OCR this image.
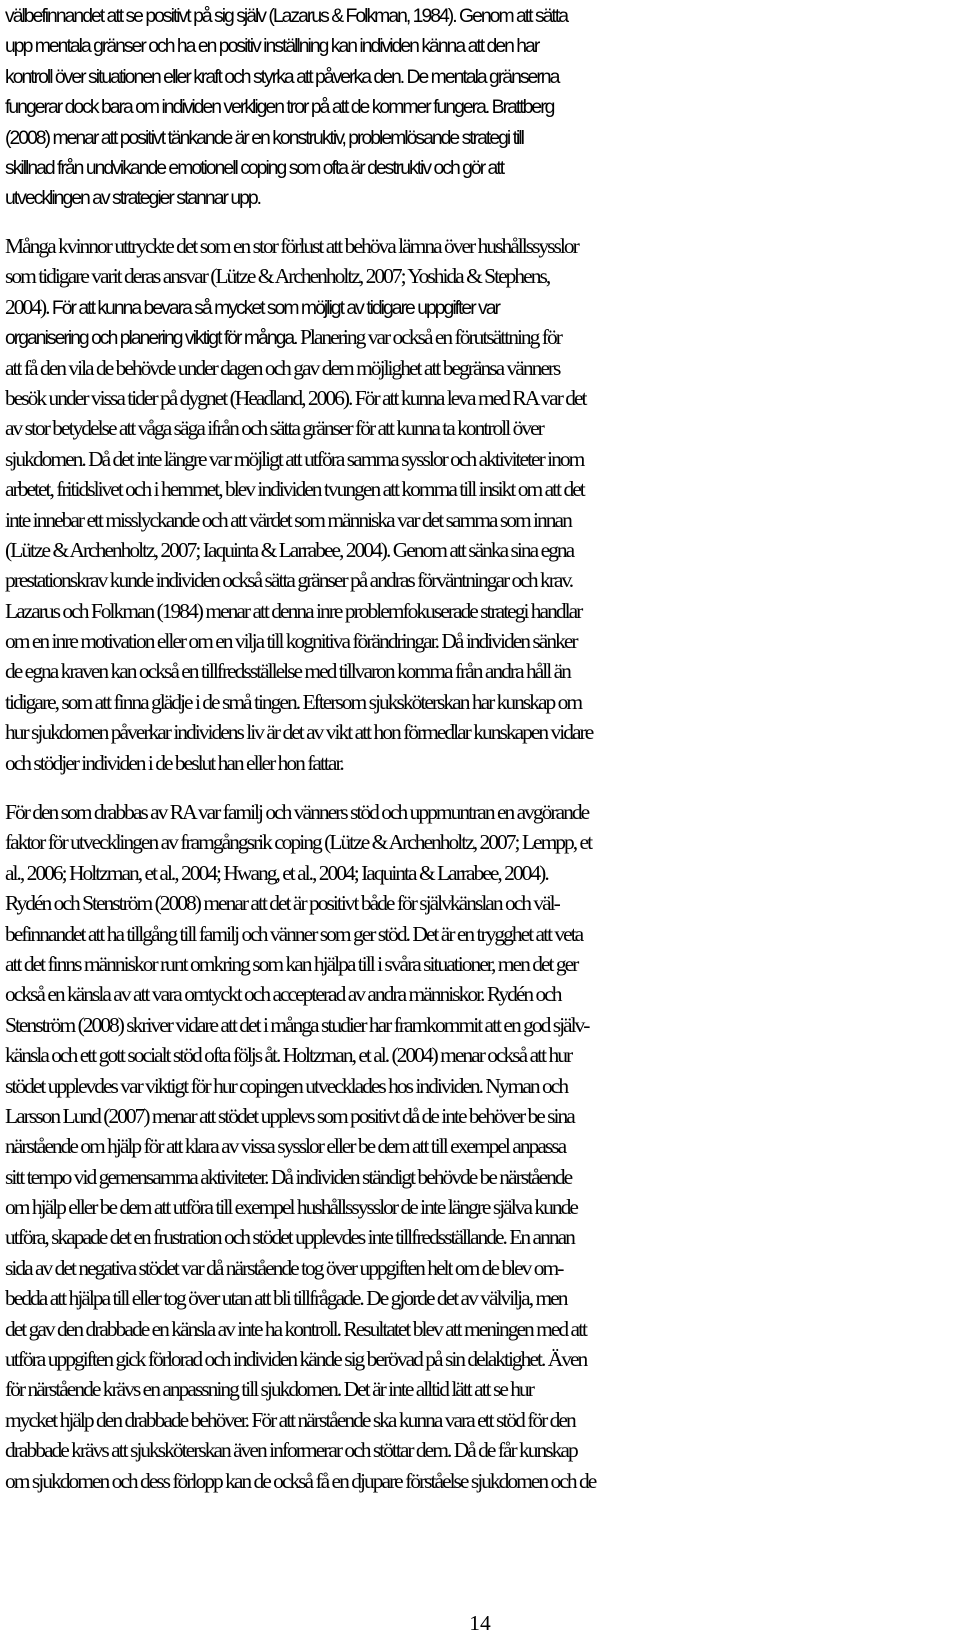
välbefinnandet att se positivt på sig själv (Lazarus & Folkman, 1984). Genom att sätta
upp mentala gränser och ha en positiv inställning kan individen känna att den har
kontroll över situationen eller kraft och styrka att påverka den. De mentala gränserna
fungerar dock bara om individen verkligen tror på att de kommer fungera. Brattberg
(2008) menar att positivt tänkande är en konstruktiv, problemlösande strategi till
skillnad från undvikande emotionell coping som ofta är destruktiv och gör att
utvecklingen av strategier stannar upp.
Många kvinnor uttryckte det som en stor förlust att behöva lämna över hushållssysslor
som tidigare varit deras ansvar (Lütze & Archenholtz, 2007; Yoshida & Stephens,
2004). För att kunna bevara så mycket som möjligt av tidigare uppgifter var
organisering och planering viktigt för många. Planering var också en förutsättning för
att få den vila de behövde under dagen och gav dem möjlighet att begränsa vänners
besök under vissa tider på dygnet (Headland, 2006). För att kunna leva med RA var det
av stor betydelse att våga säga ifrån och sätta gränser för att kunna ta kontroll över
sjukdomen. Då det inte längre var möjligt att utföra samma sysslor och aktiviteter inom
arbetet, fritidslivet och i hemmet, blev individen tvungen att komma till insikt om att det
inte innebar ett misslyckande och att värdet som människa var det samma som innan
(Lütze & Archenholtz, 2007; Iaquinta & Larrabee, 2004). Genom att sänka sina egna
prestationskrav kunde individen också sätta gränser på andras förväntningar och krav.
Lazarus och Folkman (1984) menar att denna inre problemfokuserade strategi handlar
om en inre motivation eller om en vilja till kognitiva förändringar. Då individen sänker
de egna kraven kan också en tillfredsställelse med tillvaron komma från andra håll än
tidigare, som att finna glädje i de små tingen. Eftersom sjuksköterskan har kunskap om
hur sjukdomen påverkar individens liv är det av vikt att hon förmedlar kunskapen vidare
och stödjer individen i de beslut han eller hon fattar.
För den som drabbas av RA var familj och vänners stöd och uppmuntran en avgörande
faktor för utvecklingen av framgångsrik coping (Lütze & Archenholtz, 2007; Lempp, et
al., 2006; Holtzman, et al., 2004; Hwang, et al., 2004; Iaquinta & Larrabee, 2004).
Rydén och Stenström (2008) menar att det är positivt både för självkänslan och väl-
befinnandet att ha tillgång till familj och vänner som ger stöd. Det är en trygghet att veta
att det finns människor runt omkring som kan hjälpa till i svåra situationer, men det ger
också en känsla av att vara omtyckt och accepterad av andra människor. Rydén och
Stenström (2008) skriver vidare att det i många studier har framkommit att en god själv-
känsla och ett gott socialt stöd ofta följs åt. Holtzman, et al. (2004) menar också att hur
stödet upplevdes var viktigt för hur copingen utvecklades hos individen. Nyman och
Larsson Lund (2007) menar att stödet upplevs som positivt då de inte behöver be sina
närstående om hjälp för att klara av vissa sysslor eller be dem att till exempel anpassa
sitt tempo vid gemensamma aktiviteter. Då individen ständigt behövde be närstående
om hjälp eller be dem att utföra till exempel hushållssysslor de inte längre själva kunde
utföra, skapade det en frustration och stödet upplevdes inte tillfredsställande. En annan
sida av det negativa stödet var då närstående tog över uppgiften helt om de blev om-
bedda att hjälpa till eller tog över utan att bli tillfrågade. De gjorde det av välvilja, men
det gav den drabbade en känsla av inte ha kontroll. Resultatet blev att meningen med att
utföra uppgiften gick förlorad och individen kände sig berövad på sin delaktighet. Även
för närstående krävs en anpassning till sjukdomen. Det är inte alltid lätt att se hur
mycket hjälp den drabbade behöver. För att närstående ska kunna vara ett stöd för den
drabbade krävs att sjuksköterskan även informerar och stöttar dem. Då de får kunskap
om sjukdomen och dess förlopp kan de också få en djupare förståelse sjukdomen och de
14
